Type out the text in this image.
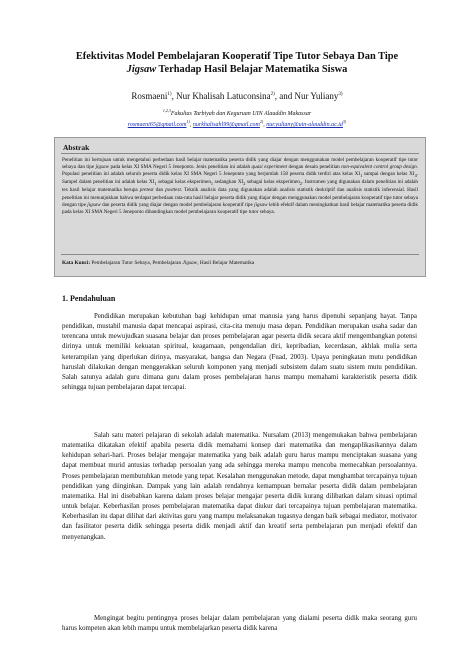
Efektivitas Model Pembelajaran Kooperatif Tipe Tutor Sebaya Dan Tipe
Jigsaw Terhadap Hasil Belajar Matematika Siswa
Rosmaeni$^{1)}$, Nur Khalisah Latuconsina$^{2)}$, and Nur Yuliany$^{3)}$
$^{1,2,3}$Fakultas Tarbiyah dan Keguruan UIN Alauddin Makassar
rosmaeni65@gmail.com$^{1)}$, nurkhalisahl99@gmail.com$^{2)}$, $nur.yuliany@uin-alauddin.ac.id^{3)}$
Abstrak
Penelitian ini bertujuan untuk mengetahui perbedaan hasil belajar matematika peserta didik yang diajar dengan menggunakan model pembelajaran kooperatif tipe tutor sebaya dan tipe jigsaw pada kelas XI SMA Negeri 5 Jeneponto. Jenis penelitian ini adalah quasi experiment dengan desain penelitian non-equivalent control group design. Populasi penelitian ini adalah seluruh peserta didik kelas XI SMA Negeri 5 Jeneponto yang berjumlah 158 peserta didik terdiri atas kelas $XI_1$ sampai dengan kelas $XI_4$. Sampel dalam penelitian ini adalah kelas $XI_1$ sebagai kelas eksperimen$_1$ sedangkan $XI_2$ sebagai kelas eksperimen$_2$. Instrumen yang digunakan dalam penelitian ini adalah tes hasil belajar matematika berupa pretest dan posttest. Teknik analisis data yang digunakan adalah analisis statistik deskriptif dan analisis statistik inferensial. Hasil penelitian ini menunjukkan bahwa terdapat perbedaan rata-rata hasil belajar peserta didik yang diajar dengan menggunakan model pembelajaran kooperatif tipe tutor sebaya dengan tipe jigsaw dan peserta didik yang diajar dengan model pembelajaran kooperatif tipe jigsaw lebih efektif dalam meningkatkan hasil belajar matematika peserta didik pada kelas XI SMA Negeri 5 Jeneponto dibandingkan model pembelajaran kooperatif tipe tutor sebaya.
Kata Kunci: Pembelajaran Tutor Sebaya, Pembelajaran Jigsaw, Hasil Belajar Matematika
1. Pendahuluan

Pendidikan merupakan kebutuhan bagi kehidupan umat manusia yang harus dipenuhi sepanjang hayat. Tanpa pendidikan, mustahil manusia dapat mencapai aspirasi, cita-cita menuju masa depan. Pendidikan merupakan usaha sadar dan terencana untuk mewujudkan suasana belajar dan proses pembelajaran agar peserta didik secara aktif mengembangkan potensi dirinya untuk memiliki kekuatan spiritual, keagamaan, pengendalian diri, kepribadian, kecerdasan, akhlak mulia serta keterampilan yang diperlukan dirinya, masyarakat, bangsa dan Negara (Fuad, 2003). Upaya peningkatan mutu pendidikan haruslah dilakukan dengan menggerakkan seluruh komponen yang menjadi subsistem dalam suatu sistem mutu pendidikan. Salah satunya adalah guru dimana guru dalam proses pembelajaran harus mampu memahami karakteristik peserta didik sehingga tujuan pembelajaran dapat tercapai.

Salah satu materi pelajaran di sekolah adalah matematika. Nursalam (2013) mengemukakan bahwa pembelajaran matematika dikatakan efektif apabila peserta didik memahami konsep dari matematika dan mengaplikasikannya dalam kehidupan sehari-hari. Proses belajar mengajar matematika yang baik adalah guru harus mampu menciptakan suasana yang dapat membuat murid antusias terhadap persoalan yang ada sehingga mereka mampu mencoba memecahkan persoalannya. Proses pembelajaran membutuhkan metode yang tepat. Kesalahan menggunakan metode, dapat menghambat tercapainya tujuan pendidikan yang diinginkan. Dampak yang lain adalah rendahnya kemampuan bernalar peserta didik dalam pembelajaran matematika. Hal ini disebabkan karena dalam proses belajar mengajar peserta didik kurang dilibatkan dalam situasi optimal untuk belajar. Keberhasilan proses pembelajaran matematika dapat diukur dari tercapainya tujuan pembelajaran matematika. Keberhasilan itu dapat dilihat dari aktivitas guru yang mampu melaksanakan tugasnya dengan baik sebagai mediator, motivator dan fasilitator peserta didik sehingga peserta didik menjadi aktif dan kreatif serta pembelajaran pun menjadi efektif dan menyenangkan.

Mengingat begitu pentingnya proses belajar dalam pembelajaran yang dialami peserta didik maka seorang guru harus kompeten akan lebih mampu untuk membelajarkan peserta didik karena
